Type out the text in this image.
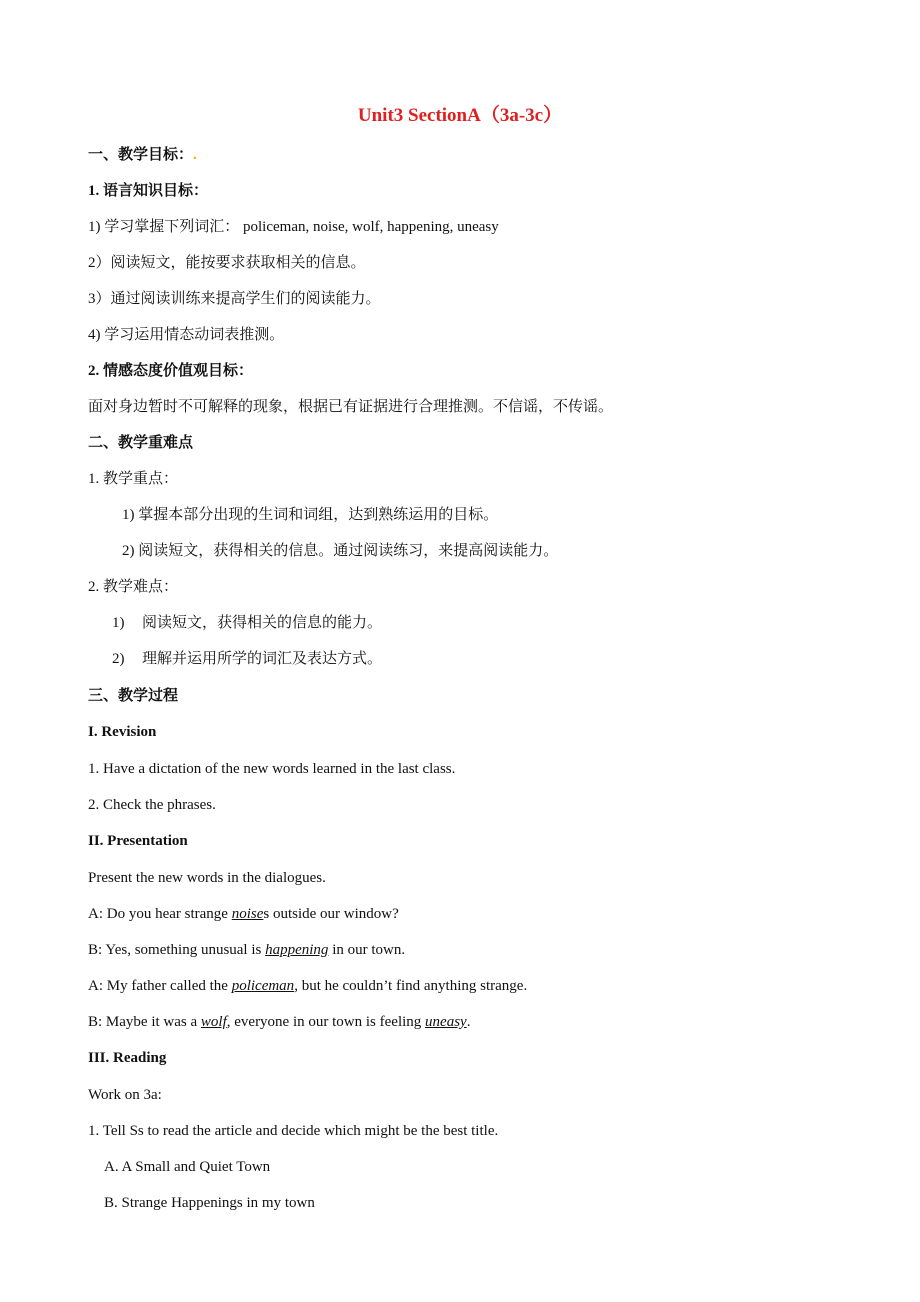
Unit3 SectionA（3a-3c）
一、教学目标：.
1. 语言知识目标：
1) 学习掌握下列词汇： policeman, noise, wolf, happening, uneasy
2）阅读短文，能按要求获取相关的信息。
3）通过阅读训练来提高学生们的阅读能力。
4) 学习运用情态动词表推测。
2. 情感态度价值观目标：
面对身边暂时不可解释的现象，根据已有证据进行合理推测。不信谣，不传谣。
二、教学重难点
1. 教学重点：
1) 掌握本部分出现的生词和词组，达到熟练运用的目标。
2) 阅读短文，获得相关的信息。通过阅读练习，来提高阅读能力。
2. 教学难点：
1) 阅读短文，获得相关的信息的能力。
2) 理解并运用所学的词汇及表达方式。
三、教学过程
I. Revision
1. Have a dictation of the new words learned in the last class.
2. Check the phrases.
II. Presentation
Present the new words in the dialogues.
A: Do you hear strange noises outside our window?
B: Yes, something unusual is happening in our town.
A: My father called the policeman, but he couldn’t find anything strange.
B: Maybe it was a wolf, everyone in our town is feeling uneasy.
III. Reading
Work on 3a:
1. Tell Ss to read the article and decide which might be the best title.
A. A Small and Quiet Town
B. Strange Happenings in my town
